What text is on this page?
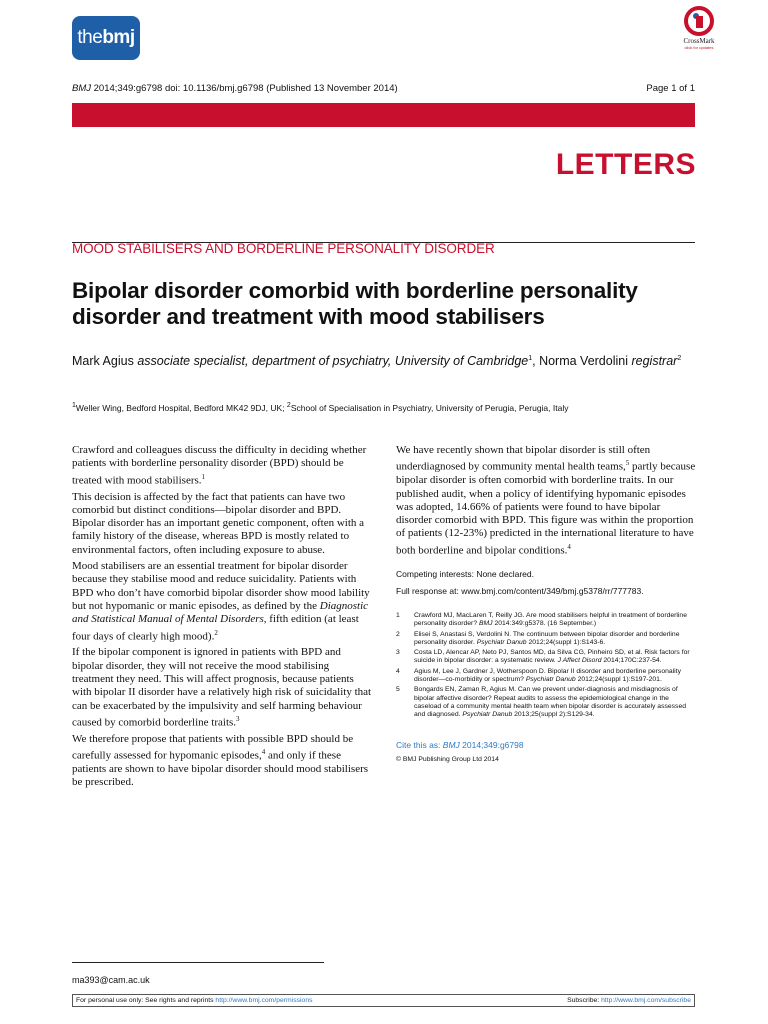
the bmj	CrossMark
click for updates
BMJ 2014;349:g6798 doi: 10.1136/bmj.g6798 (Published 13 November 2014)	Page 1 of 1
LETTERS
MOOD STABILISERS AND BORDERLINE PERSONALITY DISORDER
Bipolar disorder comorbid with borderline personality disorder and treatment with mood stabilisers
Mark Agius associate specialist, department of psychiatry, University of Cambridge$^1$, Norma Verdolini registrar$^2$
$^1$Weller Wing, Bedford Hospital, Bedford MK42 9DJ, UK; $^2$School of Specialisation in Psychiatry, University of Perugia, Perugia, Italy

Crawford and colleagues discuss the difficulty in deciding whether patients with borderline personality disorder (BPD) should be treated with mood stabilisers.$^1$

This decision is affected by the fact that patients can have two comorbid but distinct conditions—bipolar disorder and BPD. Bipolar disorder has an important genetic component, often with a family history of the disease, whereas BPD is mostly related to environmental factors, often including exposure to abuse.

Mood stabilisers are an essential treatment for bipolar disorder because they stabilise mood and reduce suicidality. Patients with BPD who don’t have comorbid bipolar disorder show mood lability but not hypomanic or manic episodes, as defined by the Diagnostic and Statistical Manual of Mental Disorders, fifth edition (at least four days of clearly high mood).$^2$

If the bipolar component is ignored in patients with BPD and bipolar disorder, they will not receive the mood stabilising treatment they need. This will affect prognosis, because patients with bipolar II disorder have a relatively high risk of suicidality that can be exacerbated by the impulsivity and self harming behaviour caused by comorbid borderline traits.$^3$

We therefore propose that patients with possible BPD should be carefully assessed for hypomanic episodes,$^4$ and only if these patients are shown to have bipolar disorder should mood stabilisers be prescribed.

We have recently shown that bipolar disorder is still often underdiagnosed by community mental health teams,$^5$ partly because bipolar disorder is often comorbid with borderline traits. In our published audit, when a policy of identifying hypomanic episodes was adopted, 14.66% of patients were found to have bipolar disorder comorbid with BPD. This figure was within the proportion of patients (12-23%) predicted in the international literature to have both borderline and bipolar conditions.$^4$

Competing interests: None declared.
Full response at: www.bmj.com/content/349/bmj.g5378/rr/777783.
1	Crawford MJ, MacLaren T, Reilly JG. Are mood stabilisers helpful in treatment of borderline personality disorder? BMJ 2014:349:g5378. (16 September.)
2	Elisei S, Anastasi S, Verdolini N. The continuum between bipolar disorder and borderline personality disorder. Psychiatr Danub 2012;24(suppl 1):S143-6.
3	Costa LD, Alencar AP, Neto PJ, Santos MD, da Silva CG, Pinheiro SD, et al. Risk factors for suicide in bipolar disorder: a systematic review. J Affect Disord 2014;170C:237-54.
4	Agius M, Lee J, Gardner J, Wotherspoon D. Bipolar II disorder and borderline personality disorder—co-morbidity or spectrum? Psychiatr Danub 2012;24(suppl 1):S197-201.
5	Bongards EN, Zaman R, Agius M. Can we prevent under-diagnosis and misdiagnosis of bipolar affective disorder? Repeat audits to assess the epidemiological change in the caseload of a community mental health team when bipolar disorder is accurately assessed and diagnosed. Psychiatr Danub 2013;25(suppl 2):S129-34.
Cite this as: BMJ 2014;349:g6798
© BMJ Publishing Group Ltd 2014
ma393@cam.ac.uk
For personal use only: See rights and reprints http://www.bmj.com/permissions	Subscribe: http://www.bmj.com/subscribe
